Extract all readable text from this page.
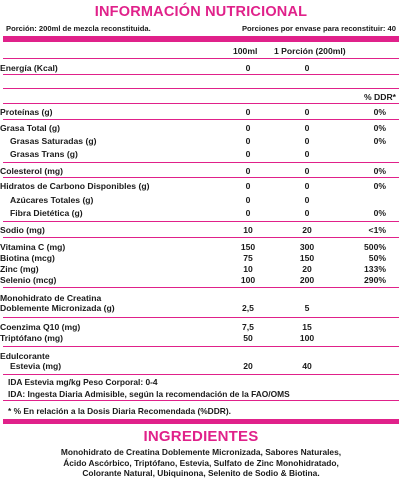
INFORMACIÓN NUTRICIONAL
Porción: 200ml de mezcla reconstituida.	Porciones por envase para reconstituir: 40
100ml 1 Porción (200ml)
% DDR*
Energía (Kcal)	0	0
Proteínas (g)	0	0	0%
Grasa Total (g)	0	0	0%
Grasas Saturadas (g)	0	0	0%
Grasas Trans (g)	0	0
Colesterol (mg)	0	0	0%
Hidratos de Carbono Disponibles (g)	0	0	0%
Azúcares Totales (g)	0	0
Fibra Dietética (g)	0	0	0%
Sodio (mg)	10	20	<1%
Vitamina C (mg)	150	300	500%
Biotina (mcg)	75	150	50%
Zinc (mg)	10	20	133%
Selenio (mcg)	100	200	290%
Monohidrato de Creatina
Doblemente Micronizada (g)	2,5	5
Coenzima Q10 (mg)	7,5	15
Triptófano (mg)	50	100
Edulcorante
Estevia (mg)	20	40
IDA Estevia mg/kg Peso Corporal: 0-4
IDA: Ingesta Diaria Admisible, según la recomendación de la FAO/OMS
* % En relación a la Dosis Diaria Recomendada (%DDR).
INGREDIENTES
Monohidrato de Creatina Doblemente Micronizada, Sabores Naturales,
Ácido Ascórbico, Triptófano, Estevia, Sulfato de Zinc Monohidratado,
Colorante Natural, Ubiquinona, Selenito de Sodio & Biotina.
